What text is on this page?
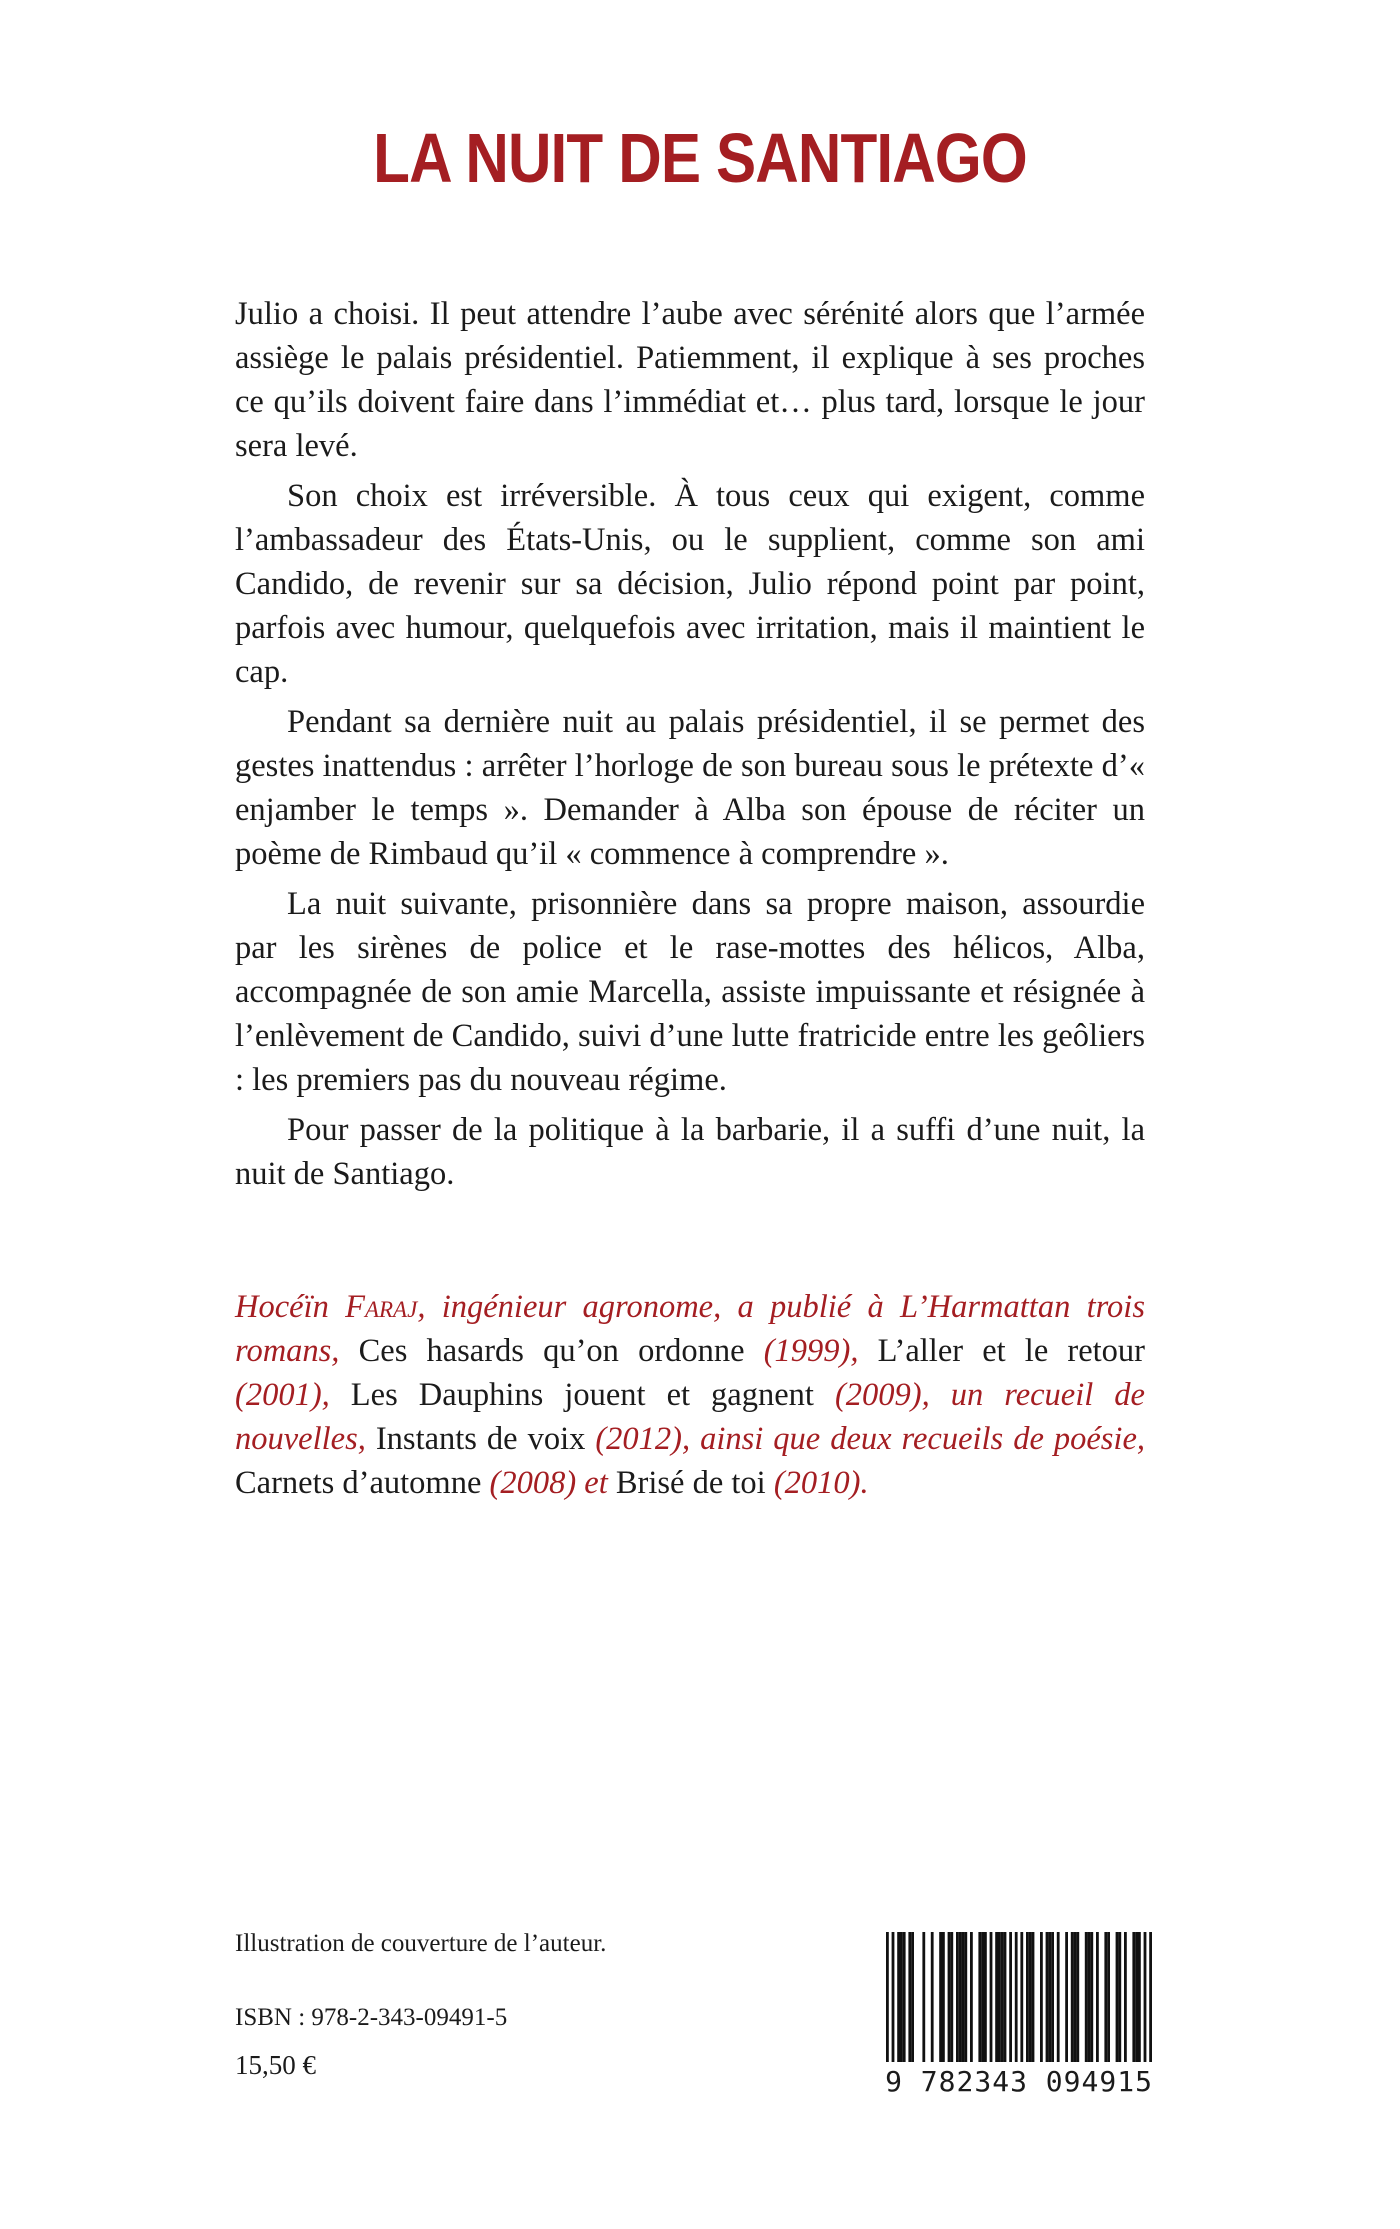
LA NUIT DE SANTIAGO

Julio a choisi. Il peut attendre l’aube avec sérénité alors que l’armée assiège le palais présidentiel. Patiemment, il explique à ses proches ce qu’ils doivent faire dans l’immédiat et… plus tard, lorsque le jour sera levé.

Son choix est irréversible. À tous ceux qui exigent, comme l’ambassadeur des États-Unis, ou le supplient, comme son ami Candido, de revenir sur sa décision, Julio répond point par point, parfois avec humour, quelquefois avec irritation, mais il maintient le cap.

Pendant sa dernière nuit au palais présidentiel, il se permet des gestes inattendus : arrêter l’horloge de son bureau sous le prétexte d’« enjamber le temps ». Demander à Alba son épouse de réciter un poème de Rimbaud qu’il « commence à comprendre ».

La nuit suivante, prisonnière dans sa propre maison, assourdie par les sirènes de police et le rase-mottes des hélicos, Alba, accompagnée de son amie Marcella, assiste impuissante et résignée à l’enlèvement de Candido, suivi d’une lutte fratricide entre les geôliers : les premiers pas du nouveau régime.

Pour passer de la politique à la barbarie, il a suffi d’une nuit, la nuit de Santiago.

Hocéïn Faraj, ingénieur agronome, a publié à L’Harmattan trois romans, Ces hasards qu’on ordonne (1999), L’aller et le retour (2001), Les Dauphins jouent et gagnent (2009), un recueil de nouvelles, Instants de voix (2012), ainsi que deux recueils de poésie, Carnets d’automne (2008) et Brisé de toi (2010).

Illustration de couverture de l’auteur.

ISBN : 978-2-343-09491-5

15,50 €	9 782343 094915
